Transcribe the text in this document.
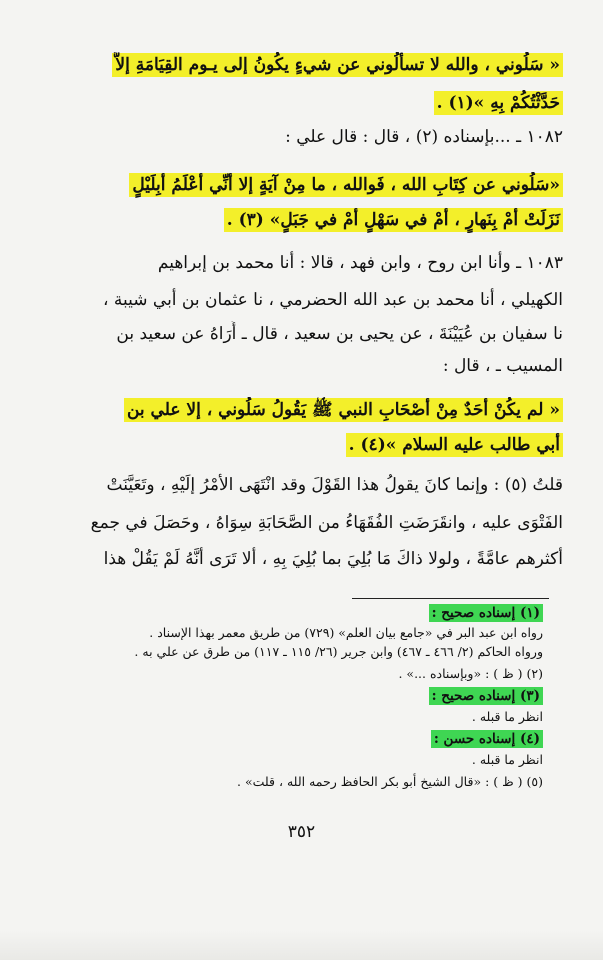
« سَلُوني ، والله لا تسألُوني عن شيءٍ يكُونُ إلى يـوم القِيَامَةِ إلاَّ
حَدَّثْتُكُمْ بِهِ »(١) .
١٠٨٢ ـ ...بإسناده (٢) ، قال : قال علي :
«سَلُوني عن كِتَابِ الله ، فَوالله ، ما مِنْ آيَةٍ إلا أنِّي أعْلَمُ أبِلَيْلٍ
نَزَلَتْ أمْ بِنَهارٍ ، أمْ في سَهْلٍ أمْ في جَبَلٍ» (٣) .
١٠٨٣ ـ وأنا ابن روح ، وابن فهد ، قالا : أنا محمد بن إبراهيم
الكهيلي ، أنا محمد بن عبد الله الحضرمي ، نا عثمان بن أبي شيبة ،
نا سفيان بن عُيَيْنَةَ ، عن يحيى بن سعيد ، قال ـ أُرَاهُ عن سعيد بن
المسيب ـ ، قال :
« لم يكُنْ أحَدٌ مِنْ أصْحَابِ النبي ﷺ يَقُولُ سَلُوني ، إلا علي بن
أبي طالب عليه السلام »(٤) .
قلتُ (٥) : وإنما كانَ يقولُ هذا القَوْلَ وقد انْتَهَى الأمْرُ إلَيْهِ ، وتَعَيَّنَتْ
الفَتْوَى عليه ، وانقَرَضَتِ الفُقَهَاءُ من الصَّحَابَةِ سِوَاهُ ، وحَصَلَ في جمع
أكثرهم عامَّةً ، ولولا ذاكَ مَا بُلِيَ بما بُلِيَ بِهِ ، ألا تَرَى أنَّهُ لَمْ يَقُلْ هذا
(١) إسناده صحيح :
رواه ابن عبد البر في «جامع بيان العلم» (٧٢٩) من طريق معمر بهذا الإسناد .
ورواه الحاكم (٢/ ٤٦٦ ـ ٤٦٧) وابن جرير (٢٦/ ١١٥ ـ ١١٧) من طرق عن علي به .
(٢) ( ظ ) : «وبإسناده ...» .
(٣) إسناده صحيح :
انظر ما قبله .
(٤) إسناده حسن :
انظر ما قبله .
(٥) ( ظ ) : «قال الشيخ أبو بكر الحافظ رحمه الله ، قلت» .
٣٥٢
